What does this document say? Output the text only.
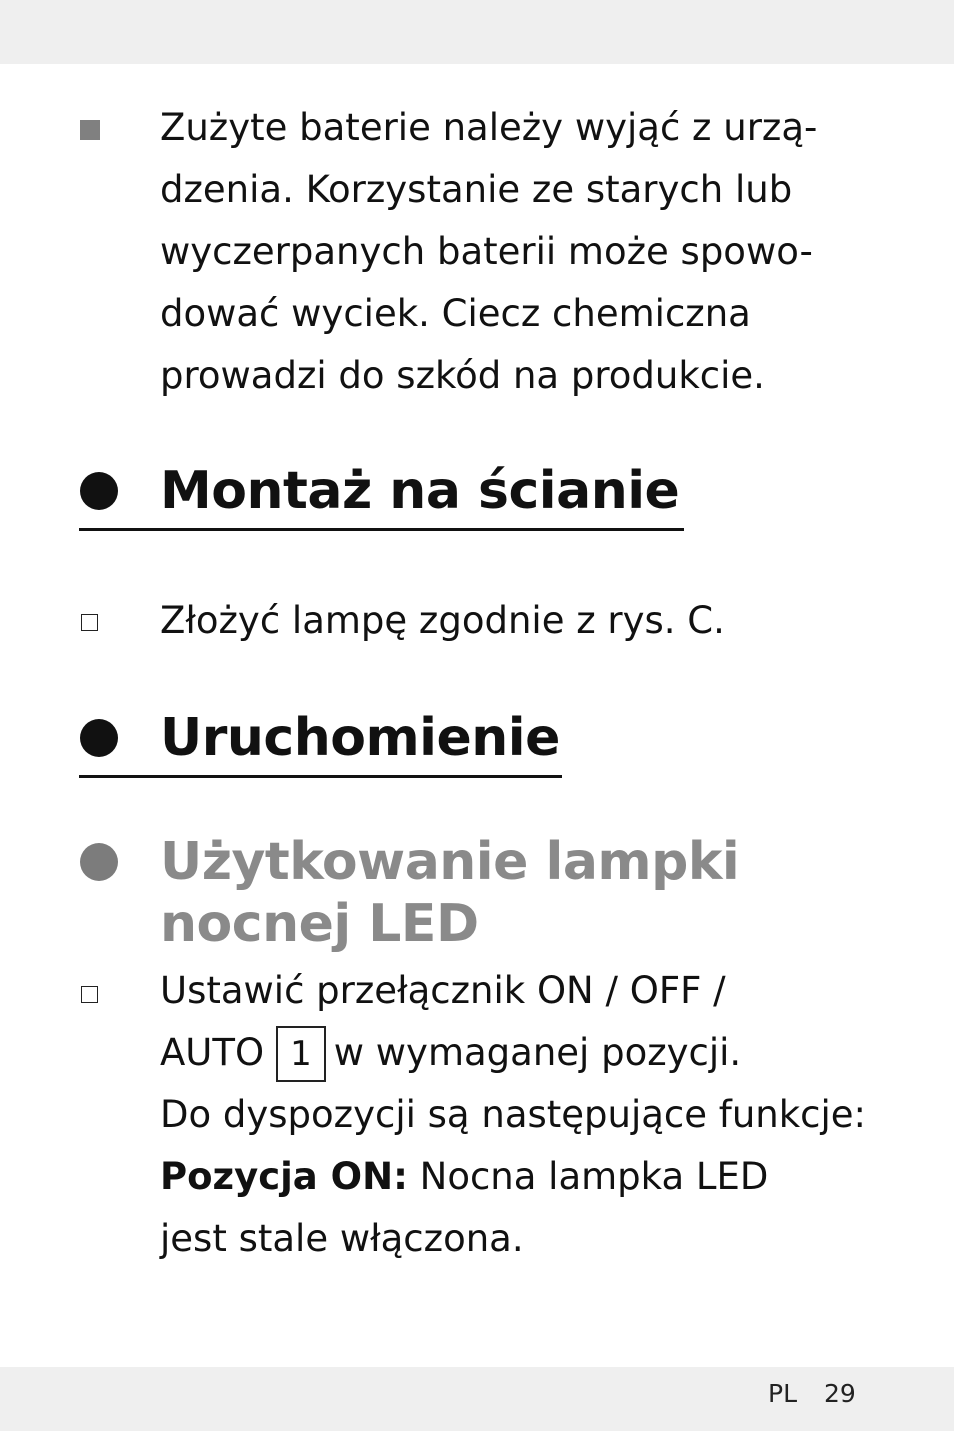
Zużyte baterie należy wyjąć z urzą-
dzenia. Korzystanie ze starych lub
wyczerpanych baterii może spowo-
dować wyciek. Ciecz chemiczna
prowadzi do szkód na produkcie.

Montaż na ścianie

Złożyć lampę zgodnie z rys. C.

Uruchomienie
Użytkowanie lampki
nocnej LED

Ustawić przełącznik ON / OFF /
AUTO 1 w wymaganej pozycji.
Do dyspozycji są następujące funkcje:
Pozycja ON: Nocna lampka LED
jest stale włączona.

PL 29
